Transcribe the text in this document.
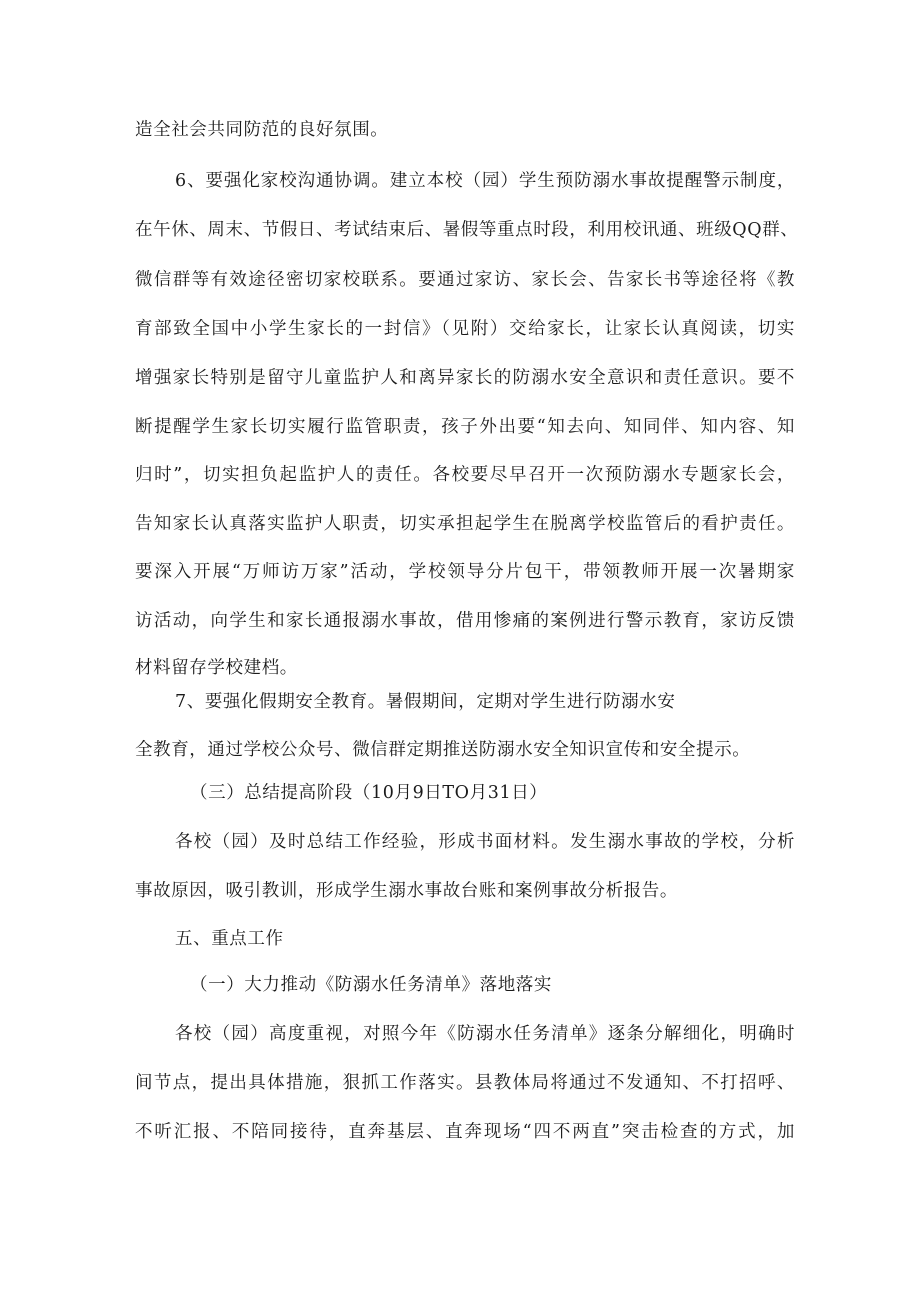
造全社会共同防范的良好氛围。
6、要强化家校沟通协调。建立本校（园）学生预防溺水事故提醒警示制度，
在午休、周末、节假日、考试结束后、暑假等重点时段，利用校讯通、班级QQ群、
微信群等有效途径密切家校联系。要通过家访、家长会、告家长书等途径将《教
育部致全国中小学生家长的一封信》（见附）交给家长，让家长认真阅读，切实
增强家长特别是留守儿童监护人和离异家长的防溺水安全意识和责任意识。要不
断提醒学生家长切实履行监管职责，孩子外出要“知去向、知同伴、知内容、知
归时”，切实担负起监护人的责任。各校要尽早召开一次预防溺水专题家长会，
告知家长认真落实监护人职责，切实承担起学生在脱离学校监管后的看护责任。
要深入开展“万师访万家”活动，学校领导分片包干，带领教师开展一次暑期家
访活动，向学生和家长通报溺水事故，借用惨痛的案例进行警示教育，家访反馈
材料留存学校建档。
7、要强化假期安全教育。暑假期间，定期对学生进行防溺水安
全教育，通过学校公众号、微信群定期推送防溺水安全知识宣传和安全提示。
（三）总结提高阶段（10月9日TO月31日）
各校（园）及时总结工作经验，形成书面材料。发生溺水事故的学校，分析
事故原因，吸引教训，形成学生溺水事故台账和案例事故分析报告。
五、重点工作
（一）大力推动《防溺水任务清单》落地落实
各校（园）高度重视，对照今年《防溺水任务清单》逐条分解细化，明确时
间节点，提出具体措施，狠抓工作落实。县教体局将通过不发通知、不打招呼、
不听汇报、不陪同接待，直奔基层、直奔现场“四不两直”突击检查的方式，加
